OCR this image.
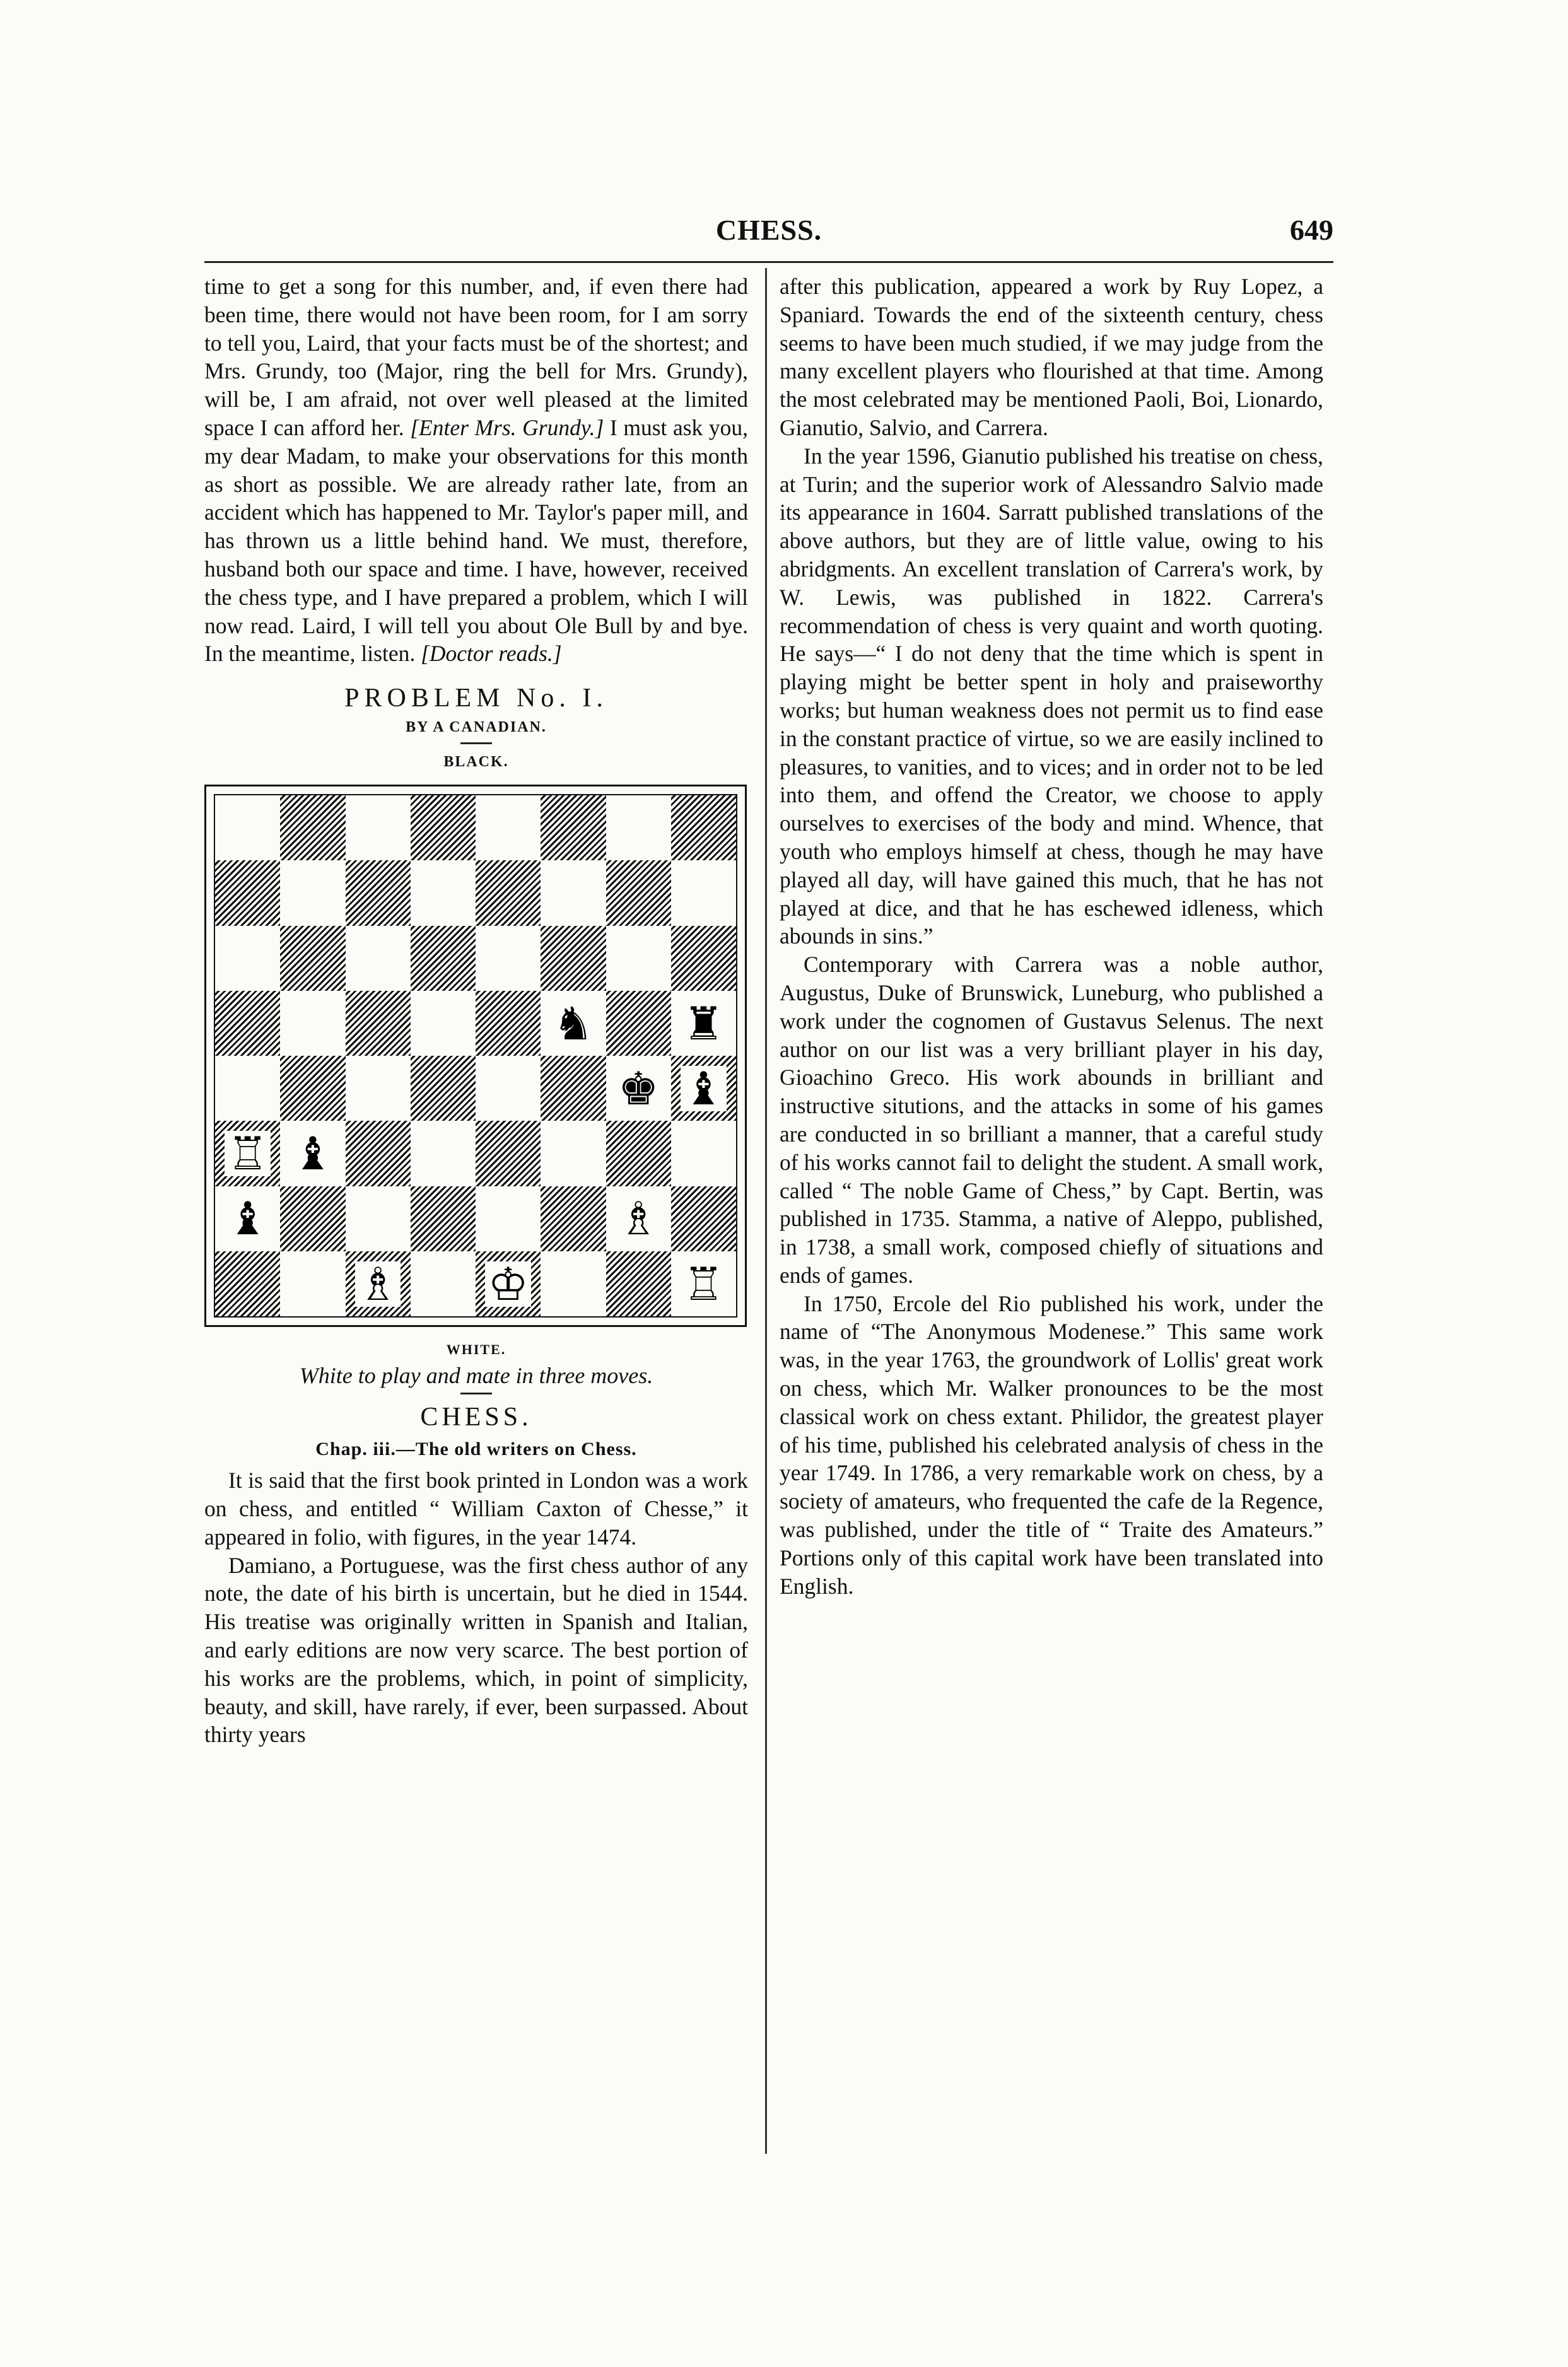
CHESS.	649

time to get a song for this number, and, if even there had been time, there would not have been room, for I am sorry to tell you, Laird, that your facts must be of the shortest; and Mrs. Grundy, too (Major, ring the bell for Mrs. Grundy), will be, I am afraid, not over well pleased at the limited space I can afford her. [Enter Mrs. Grundy.] I must ask you, my dear Madam, to make your observations for this month as short as possible. We are already rather late, from an accident which has happened to Mr. Taylor's paper mill, and has thrown us a little behind hand. We must, therefore, husband both our space and time. I have, however, received the chess type, and I have prepared a problem, which I will now read. Laird, I will tell you about Ole Bull by and bye. In the meantime, listen. [Doctor reads.]

PROBLEM No. I.
BY A CANADIAN.
BLACK.
♞ ♜
♚ ♝
♖ ♝
♝	♗
♗ ♔	♖
WHITE.
White to play and mate in three moves.
CHESS.
Chap. iii.—The old writers on Chess.

It is said that the first book printed in London was a work on chess, and entitled “ William Caxton of Chesse,” it appeared in folio, with figures, in the year 1474.

Damiano, a Portuguese, was the first chess author of any note, the date of his birth is uncertain, but he died in 1544. His treatise was originally written in Spanish and Italian, and early editions are now very scarce. The best portion of his works are the problems, which, in point of simplicity, beauty, and skill, have rarely, if ever, been surpassed. About thirty years

after this publication, appeared a work by Ruy Lopez, a Spaniard. Towards the end of the sixteenth century, chess seems to have been much studied, if we may judge from the many excellent players who flourished at that time. Among the most celebrated may be mentioned Paoli, Boi, Lionardo, Gianutio, Salvio, and Carrera.

In the year 1596, Gianutio published his treatise on chess, at Turin; and the superior work of Alessandro Salvio made its appearance in 1604. Sarratt published translations of the above authors, but they are of little value, owing to his abridgments. An excellent translation of Carrera's work, by W. Lewis, was published in 1822. Carrera's recommendation of chess is very quaint and worth quoting. He says—“ I do not deny that the time which is spent in playing might be better spent in holy and praiseworthy works; but human weakness does not permit us to find ease in the constant practice of virtue, so we are easily inclined to pleasures, to vanities, and to vices; and in order not to be led into them, and offend the Creator, we choose to apply ourselves to exercises of the body and mind. Whence, that youth who employs himself at chess, though he may have played all day, will have gained this much, that he has not played at dice, and that he has eschewed idleness, which abounds in sins.”

Contemporary with Carrera was a noble author, Augustus, Duke of Brunswick, Luneburg, who published a work under the cognomen of Gustavus Selenus. The next author on our list was a very brilliant player in his day, Gioachino Greco. His work abounds in brilliant and instructive situtions, and the attacks in some of his games are conducted in so brilliant a manner, that a careful study of his works cannot fail to delight the student. A small work, called “ The noble Game of Chess,” by Capt. Bertin, was published in 1735. Stamma, a native of Aleppo, published, in 1738, a small work, composed chiefly of situations and ends of games.

In 1750, Ercole del Rio published his work, under the name of “The Anonymous Modenese.” This same work was, in the year 1763, the groundwork of Lollis' great work on chess, which Mr. Walker pronounces to be the most classical work on chess extant. Philidor, the greatest player of his time, published his celebrated analysis of chess in the year 1749. In 1786, a very remarkable work on chess, by a society of amateurs, who frequented the cafe de la Regence, was published, under the title of “ Traite des Amateurs.” Portions only of this capital work have been translated into English.
